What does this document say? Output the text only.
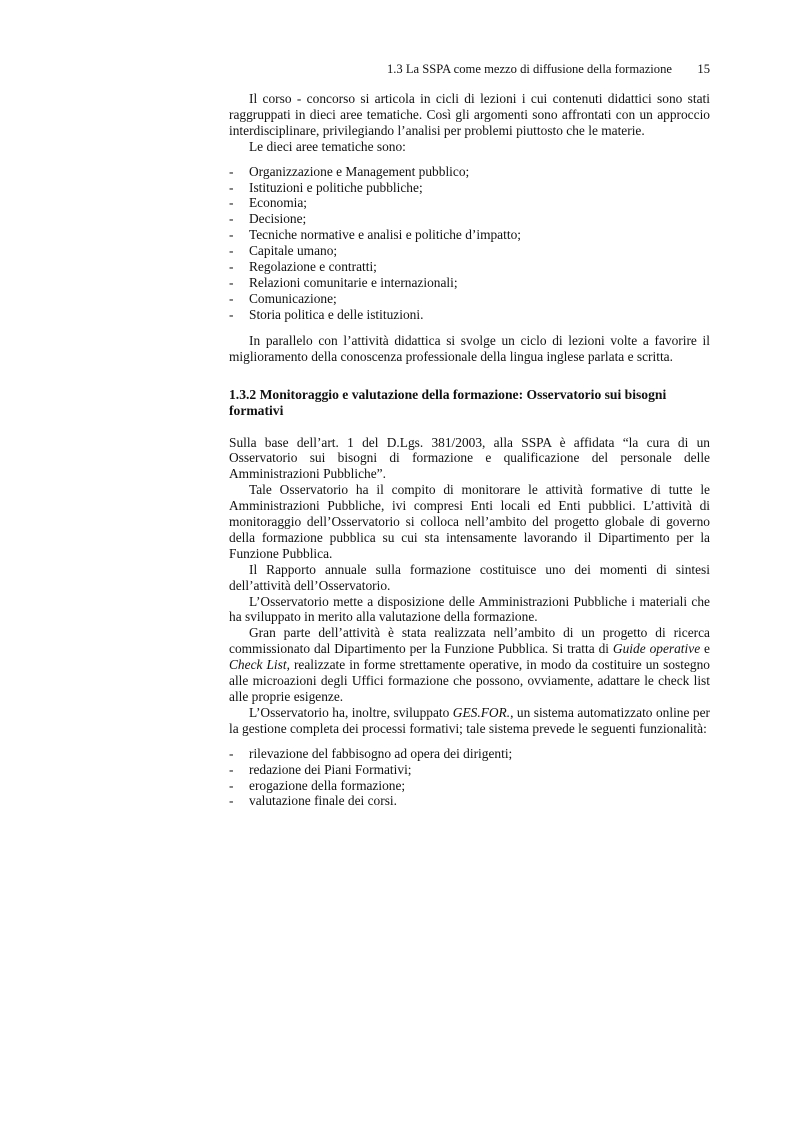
1.3 La SSPA come mezzo di diffusione della formazione 15

Il corso - concorso si articola in cicli di lezioni i cui contenuti didattici sono stati raggruppati in dieci aree tematiche. Così gli argomenti sono affrontati con un approccio interdisciplinare, privilegiando l’analisi per problemi piuttosto che le materie.

Le dieci aree tematiche sono:

- Organizzazione e Management pubblico;
- Istituzioni e politiche pubbliche;
- Economia;
- Decisione;
- Tecniche normative e analisi e politiche d’impatto;
- Capitale umano;
- Regolazione e contratti;
- Relazioni comunitarie e internazionali;
- Comunicazione;
- Storia politica e delle istituzioni.

In parallelo con l’attività didattica si svolge un ciclo di lezioni volte a favorire il miglioramento della conoscenza professionale della lingua inglese parlata e scritta.

1.3.2 Monitoraggio e valutazione della formazione: Osservatorio sui bisogni formativi

Sulla base dell’art. 1 del D.Lgs. 381/2003, alla SSPA è affidata “la cura di un Osservatorio sui bisogni di formazione e qualificazione del personale delle Amministrazioni Pubbliche”.

Tale Osservatorio ha il compito di monitorare le attività formative di tutte le Amministrazioni Pubbliche, ivi compresi Enti locali ed Enti pubblici. L’attività di monitoraggio dell’Osservatorio si colloca nell’ambito del progetto globale di governo della formazione pubblica su cui sta intensamente lavorando il Dipartimento per la Funzione Pubblica.

Il Rapporto annuale sulla formazione costituisce uno dei momenti di sintesi dell’attività dell’Osservatorio.

L’Osservatorio mette a disposizione delle Amministrazioni Pubbliche i materiali che ha sviluppato in merito alla valutazione della formazione.

Gran parte dell’attività è stata realizzata nell’ambito di un progetto di ricerca commissionato dal Dipartimento per la Funzione Pubblica. Si tratta di Guide operative e Check List, realizzate in forme strettamente operative, in modo da costituire un sostegno alle microazioni degli Uffici formazione che possono, ovviamente, adattare le check list alle proprie esigenze.

L’Osservatorio ha, inoltre, sviluppato GES.FOR., un sistema automatizzato online per la gestione completa dei processi formativi; tale sistema prevede le seguenti funzionalità:

- rilevazione del fabbisogno ad opera dei dirigenti;
- redazione dei Piani Formativi;
- erogazione della formazione;
- valutazione finale dei corsi.
